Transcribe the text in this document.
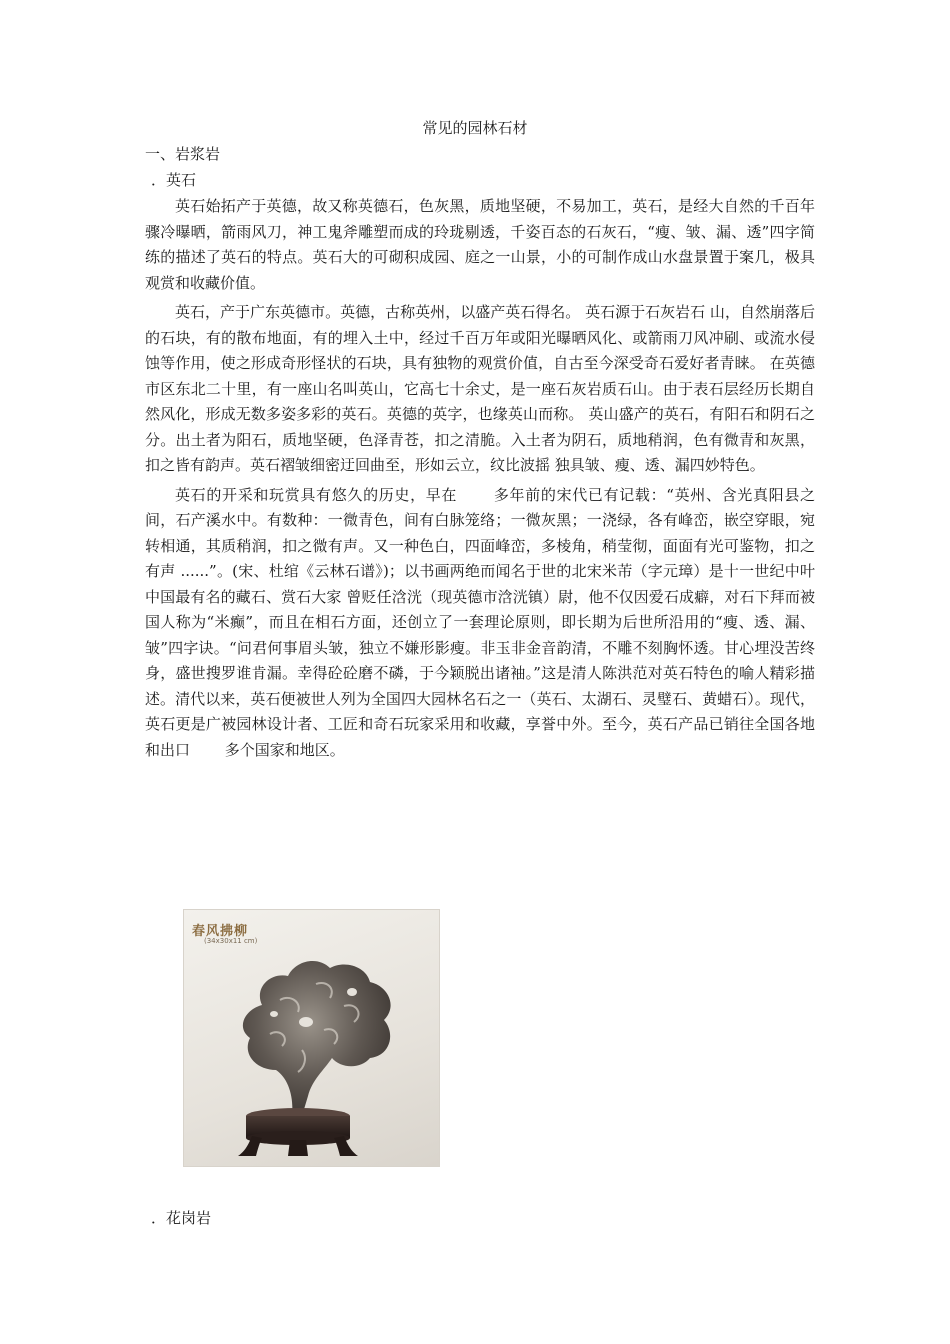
常见的园林石材
一、岩浆岩
．英石

英石始拓产于英德，故又称英德石，色灰黑，质地坚硬，不易加工，英石，是经大自然的千百年骤冷曝晒，箭雨风刀，神工鬼斧雕塑而成的玲珑剔透，千姿百态的石灰石，“瘦、皱、漏、透”四字简练的描述了英石的特点。英石大的可砌积成园、庭之一山景，小的可制作成山水盘景置于案几，极具观赏和收藏价值。

英石，产于广东英德市。英德，古称英州，以盛产英石得名。 英石源于石灰岩石 山，自然崩落后的石块，有的散布地面，有的埋入土中，经过千百万年或阳光曝晒风化、或箭雨刀风冲刷、或流水侵蚀等作用，使之形成奇形怪状的石块，具有独物的观赏价值，自古至今深受奇石爱好者青睐。 在英德市区东北二十里，有一座山名叫英山，它高七十余丈，是一座石灰岩质石山。由于表石层经历长期自然风化，形成无数多姿多彩的英石。英德的英字，也缘英山而称。 英山盛产的英石，有阳石和阴石之分。出土者为阳石，质地坚硬，色泽青苍，扣之清脆。入土者为阴石，质地稍润，色有微青和灰黑，扣之皆有韵声。英石褶皱细密迂回曲至，形如云立，纹比波摇 独具皱、瘦、透、漏四妙特色。

英石的开采和玩赏具有悠久的历史，早在 　　多年前的宋代已有记载：“英州、含光真阳县之间，石产溪水中。有数种：一微青色，间有白脉笼络；一微灰黑；一浇绿，各有峰峦，嵌空穿眼，宛转相通，其质稍润，扣之微有声。又一种色白，四面峰峦，多棱角，稍莹彻，面面有光可鉴物，扣之有声 ......”。(宋、杜绾《云林石谱》)；以书画两绝而闻名于世的北宋米芾（字元璋）是十一世纪中叶中国最有名的藏石、赏石大家 曾贬任浛洸（现英德市浛洸镇）尉，他不仅因爱石成癖，对石下拜而被国人称为“米癫”，而且在相石方面，还创立了一套理论原则，即长期为后世所沿用的“瘦、透、漏、皱”四字诀。“问君何事眉头皱，独立不嫌形影瘦。非玉非金音韵清，不雕不刻胸怀透。甘心埋没苦终身，盛世搜罗谁肯漏。幸得砼砼磨不磷，于今颖脱出诸袖。”这是清人陈洪范对英石特色的喻人精彩描述。清代以来，英石便被世人列为全国四大园林名石之一（英石、太湖石、灵璧石、黄蜡石）。现代，英石更是广被园林设计者、工匠和奇石玩家采用和收藏，享誉中外。至今，英石产品已销往全国各地和出口 　　多个国家和地区。

春风拂柳
(34x30x11 cm)
．花岗岩
